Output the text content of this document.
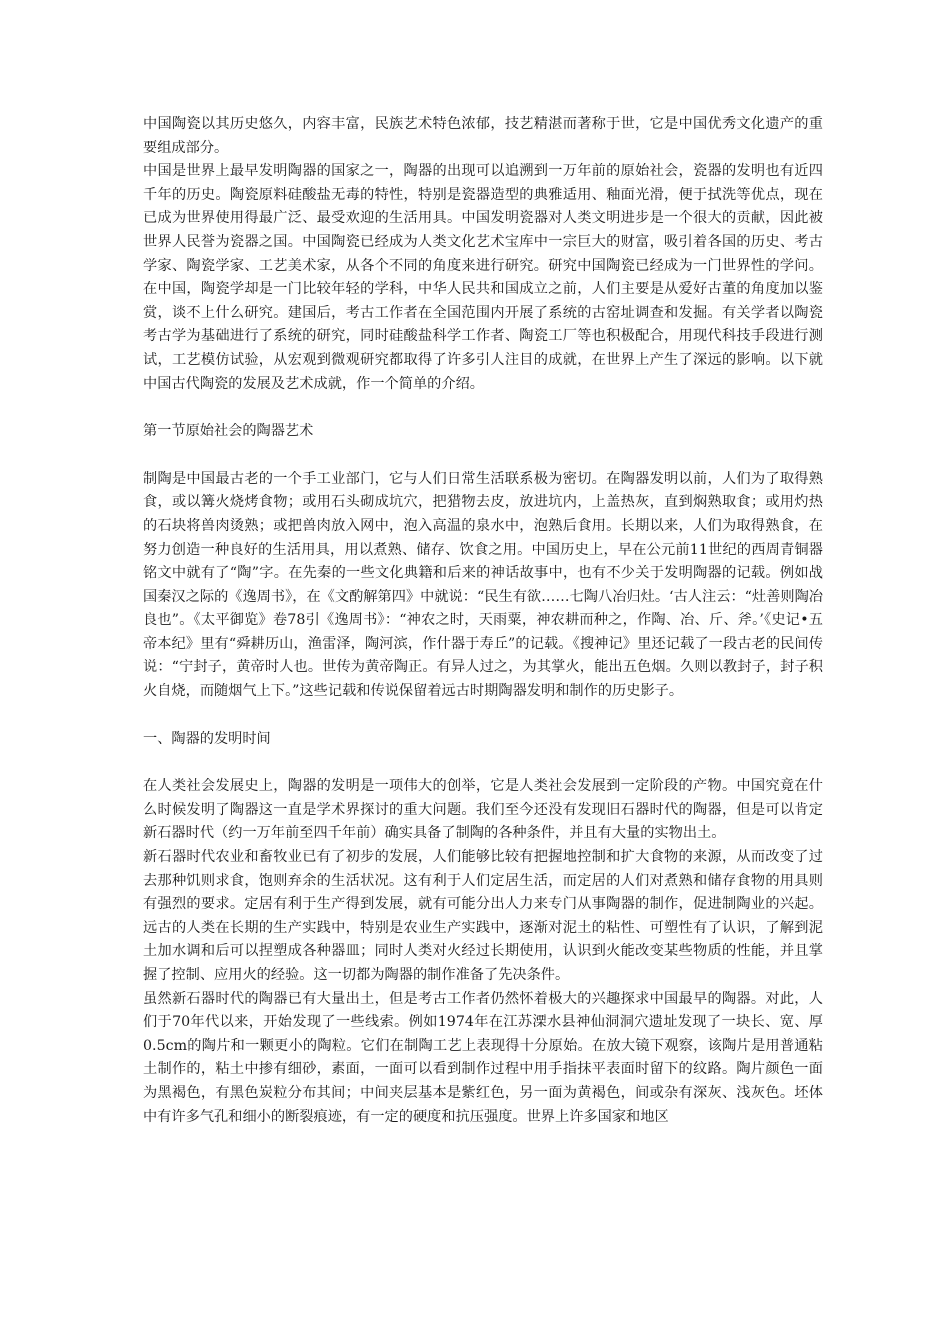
中国陶瓷以其历史悠久，内容丰富，民族艺术特色浓郁，技艺精湛而著称于世，它是中国优秀文化遗产的重要组成部分。

中国是世界上最早发明陶器的国家之一，陶器的出现可以追溯到一万年前的原始社会，瓷器的发明也有近四千年的历史。陶瓷原料硅酸盐无毒的特性，特别是瓷器造型的典雅适用、釉面光滑，便于拭洗等优点，现在已成为世界使用得最广泛、最受欢迎的生活用具。中国发明瓷器对人类文明进步是一个很大的贡献，因此被世界人民誉为瓷器之国。中国陶瓷已经成为人类文化艺术宝库中一宗巨大的财富，吸引着各国的历史、考古学家、陶瓷学家、工艺美术家，从各个不同的角度来进行研究。研究中国陶瓷已经成为一门世界性的学问。在中国，陶瓷学却是一门比较年轻的学科，中华人民共和国成立之前，人们主要是从爱好古董的角度加以鉴赏，谈不上什么研究。建国后，考古工作者在全国范围内开展了系统的古窑址调查和发掘。有关学者以陶瓷考古学为基础进行了系统的研究，同时硅酸盐科学工作者、陶瓷工厂等也积极配合，用现代科技手段进行测试，工艺模仿试验，从宏观到微观研究都取得了许多引人注目的成就，在世界上产生了深远的影响。以下就中国古代陶瓷的发展及艺术成就，作一个简单的介绍。

第一节原始社会的陶器艺术

制陶是中国最古老的一个手工业部门，它与人们日常生活联系极为密切。在陶器发明以前，人们为了取得熟食，或以篝火烧烤食物；或用石头砌成坑穴，把猎物去皮，放进坑内，上盖热灰，直到焖熟取食；或用灼热的石块将兽肉烫熟；或把兽肉放入网中，泡入高温的泉水中，泡熟后食用。长期以来，人们为取得熟食，在努力创造一种良好的生活用具，用以煮熟、储存、饮食之用。中国历史上，早在公元前11世纪的西周青铜器铭文中就有了“陶”字。在先秦的一些文化典籍和后来的神话故事中，也有不少关于发明陶器的记载。例如战国秦汉之际的《逸周书》，在《文酌解第四》中就说：“民生有欲……七陶八冶归灶。‘古人注云：“灶善则陶冶良也”。《太平御览》卷78引《逸周书》：“神农之时，天雨粟，神农耕而种之，作陶、冶、斤、斧。’《史记•五帝本纪》里有“舜耕历山，渔雷泽，陶河滨，作什器于寿丘”的记载。《搜神记》里还记载了一段古老的民间传说：“宁封子，黄帝时人也。世传为黄帝陶正。有异人过之，为其掌火，能出五色烟。久则以教封子，封子积火自烧，而随烟气上下。”这些记载和传说保留着远古时期陶器发明和制作的历史影子。

一、陶器的发明时间

在人类社会发展史上，陶器的发明是一项伟大的创举，它是人类社会发展到一定阶段的产物。中国究竟在什么时候发明了陶器这一直是学术界探讨的重大问题。我们至今还没有发现旧石器时代的陶器，但是可以肯定新石器时代（约一万年前至四千年前）确实具备了制陶的各种条件，并且有大量的实物出土。

新石器时代农业和畜牧业已有了初步的发展，人们能够比较有把握地控制和扩大食物的来源，从而改变了过去那种饥则求食，饱则弃余的生活状况。这有利于人们定居生活，而定居的人们对煮熟和储存食物的用具则有强烈的要求。定居有利于生产得到发展，就有可能分出人力来专门从事陶器的制作，促进制陶业的兴起。远古的人类在长期的生产实践中，特别是农业生产实践中，逐渐对泥土的粘性、可塑性有了认识，了解到泥土加水调和后可以捏塑成各种器皿；同时人类对火经过长期使用，认识到火能改变某些物质的性能，并且掌握了控制、应用火的经验。这一切都为陶器的制作准备了先决条件。

虽然新石器时代的陶器已有大量出土，但是考古工作者仍然怀着极大的兴趣探求中国最早的陶器。对此，人们于70年代以来，开始发现了一些线索。例如1974年在江苏溧水县神仙洞洞穴遗址发现了一块长、宽、厚0.5cm的陶片和一颗更小的陶粒。它们在制陶工艺上表现得十分原始。在放大镜下观察，该陶片是用普通粘土制作的，粘土中掺有细砂，素面，一面可以看到制作过程中用手指抹平表面时留下的纹路。陶片颜色一面为黑褐色，有黑色炭粒分布其间；中间夹层基本是紫红色，另一面为黄褐色，间或杂有深灰、浅灰色。坯体中有许多气孔和细小的断裂痕迹，有一定的硬度和抗压强度。世界上许多国家和地区
